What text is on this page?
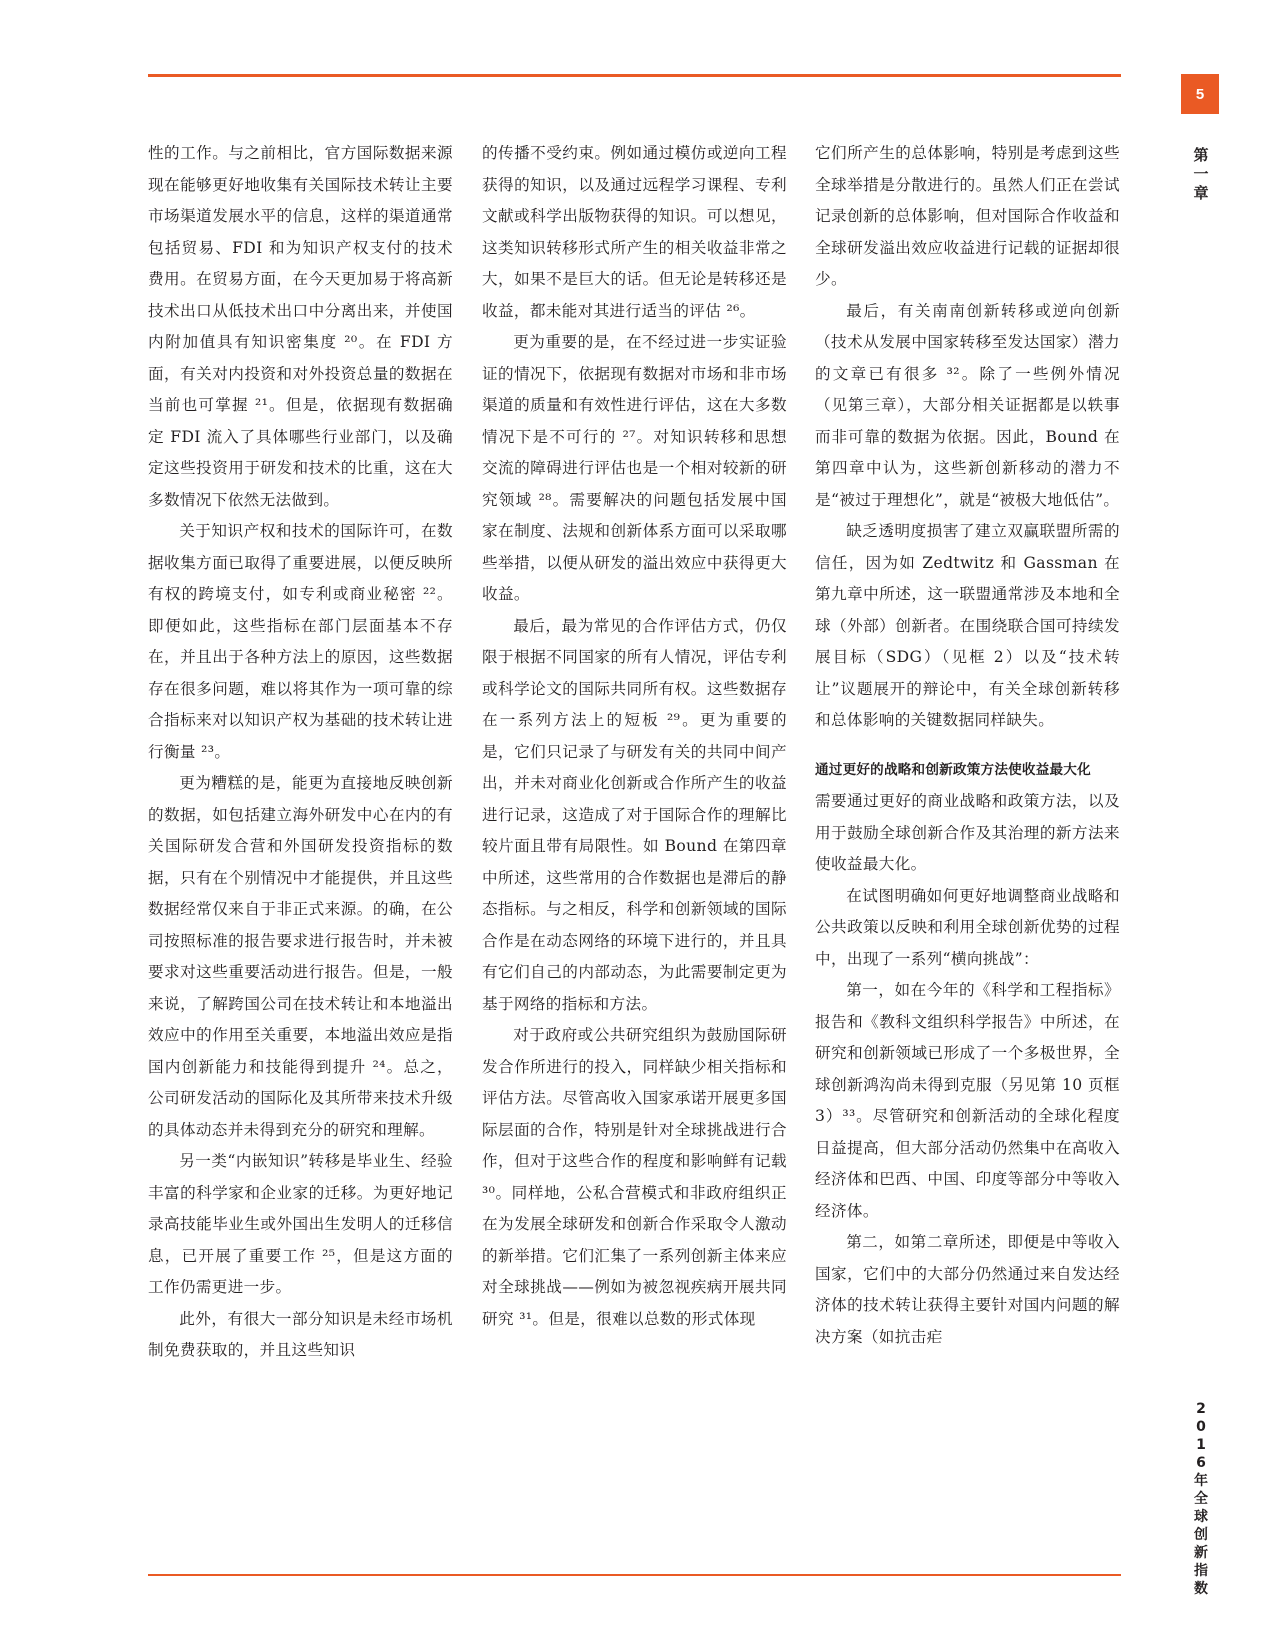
5
第一章

性的工作。与之前相比，官方国际数据来源现在能够更好地收集有关国际技术转让主要市场渠道发展水平的信息，这样的渠道通常包括贸易、FDI 和为知识产权支付的技术费用。在贸易方面，在今天更加易于将高新技术出口从低技术出口中分离出来，并使国内附加值具有知识密集度 ²⁰。在 FDI 方面，有关对内投资和对外投资总量的数据在当前也可掌握 ²¹。但是，依据现有数据确定 FDI 流入了具体哪些行业部门，以及确定这些投资用于研发和技术的比重，这在大多数情况下依然无法做到。

关于知识产权和技术的国际许可，在数据收集方面已取得了重要进展，以便反映所有权的跨境支付，如专利或商业秘密 ²²。即便如此，这些指标在部门层面基本不存在，并且出于各种方法上的原因，这些数据存在很多问题，难以将其作为一项可靠的综合指标来对以知识产权为基础的技术转让进行衡量 ²³。

更为糟糕的是，能更为直接地反映创新的数据，如包括建立海外研发中心在内的有关国际研发合营和外国研发投资指标的数据，只有在个别情况中才能提供，并且这些数据经常仅来自于非正式来源。的确，在公司按照标准的报告要求进行报告时，并未被要求对这些重要活动进行报告。但是，一般来说，了解跨国公司在技术转让和本地溢出效应中的作用至关重要，本地溢出效应是指国内创新能力和技能得到提升 ²⁴。总之，公司研发活动的国际化及其所带来技术升级的具体动态并未得到充分的研究和理解。

另一类“内嵌知识”转移是毕业生、经验丰富的科学家和企业家的迁移。为更好地记录高技能毕业生或外国出生发明人的迁移信息，已开展了重要工作 ²⁵，但是这方面的工作仍需更进一步。

此外，有很大一部分知识是未经市场机制免费获取的，并且这些知识

的传播不受约束。例如通过模仿或逆向工程获得的知识，以及通过远程学习课程、专利文献或科学出版物获得的知识。可以想见，这类知识转移形式所产生的相关收益非常之大，如果不是巨大的话。但无论是转移还是收益，都未能对其进行适当的评估 ²⁶。

更为重要的是，在不经过进一步实证验证的情况下，依据现有数据对市场和非市场渠道的质量和有效性进行评估，这在大多数情况下是不可行的 ²⁷。对知识转移和思想交流的障碍进行评估也是一个相对较新的研究领域 ²⁸。需要解决的问题包括发展中国家在制度、法规和创新体系方面可以采取哪些举措，以便从研发的溢出效应中获得更大收益。

最后，最为常见的合作评估方式，仍仅限于根据不同国家的所有人情况，评估专利或科学论文的国际共同所有权。这些数据存在一系列方法上的短板 ²⁹。更为重要的是，它们只记录了与研发有关的共同中间产出，并未对商业化创新或合作所产生的收益进行记录，这造成了对于国际合作的理解比较片面且带有局限性。如 Bound 在第四章中所述，这些常用的合作数据也是滞后的静态指标。与之相反，科学和创新领域的国际合作是在动态网络的环境下进行的，并且具有它们自己的内部动态，为此需要制定更为基于网络的指标和方法。

对于政府或公共研究组织为鼓励国际研发合作所进行的投入，同样缺少相关指标和评估方法。尽管高收入国家承诺开展更多国际层面的合作，特别是针对全球挑战进行合作，但对于这些合作的程度和影响鲜有记载 ³⁰。同样地，公私合营模式和非政府组织正在为发展全球研发和创新合作采取令人激动的新举措。它们汇集了一系列创新主体来应对全球挑战——例如为被忽视疾病开展共同研究 ³¹。但是，很难以总数的形式体现

它们所产生的总体影响，特别是考虑到这些全球举措是分散进行的。虽然人们正在尝试记录创新的总体影响，但对国际合作收益和全球研发溢出效应收益进行记载的证据却很少。

最后，有关南南创新转移或逆向创新（技术从发展中国家转移至发达国家）潜力的文章已有很多 ³²。除了一些例外情况（见第三章），大部分相关证据都是以轶事而非可靠的数据为依据。因此，Bound 在第四章中认为，这些新创新移动的潜力不是“被过于理想化”，就是“被极大地低估”。

缺乏透明度损害了建立双赢联盟所需的信任，因为如 Zedtwitz 和 Gassman 在第九章中所述，这一联盟通常涉及本地和全球（外部）创新者。在围绕联合国可持续发展目标（SDG）（见框 2）以及“技术转让”议题展开的辩论中，有关全球创新转移和总体影响的关键数据同样缺失。

通过更好的战略和创新政策方法使收益最大化

需要通过更好的商业战略和政策方法，以及用于鼓励全球创新合作及其治理的新方法来使收益最大化。

在试图明确如何更好地调整商业战略和公共政策以反映和利用全球创新优势的过程中，出现了一系列“横向挑战”：

第一，如在今年的《科学和工程指标》报告和《教科文组织科学报告》中所述，在研究和创新领域已形成了一个多极世界，全球创新鸿沟尚未得到克服（另见第 10 页框 3）³³。尽管研究和创新活动的全球化程度日益提高，但大部分活动仍然集中在高收入经济体和巴西、中国、印度等部分中等收入经济体。

第二，如第二章所述，即便是中等收入国家，它们中的大部分仍然通过来自发达经济体的技术转让获得主要针对国内问题的解决方案（如抗击疟

2016年全球创新指数
